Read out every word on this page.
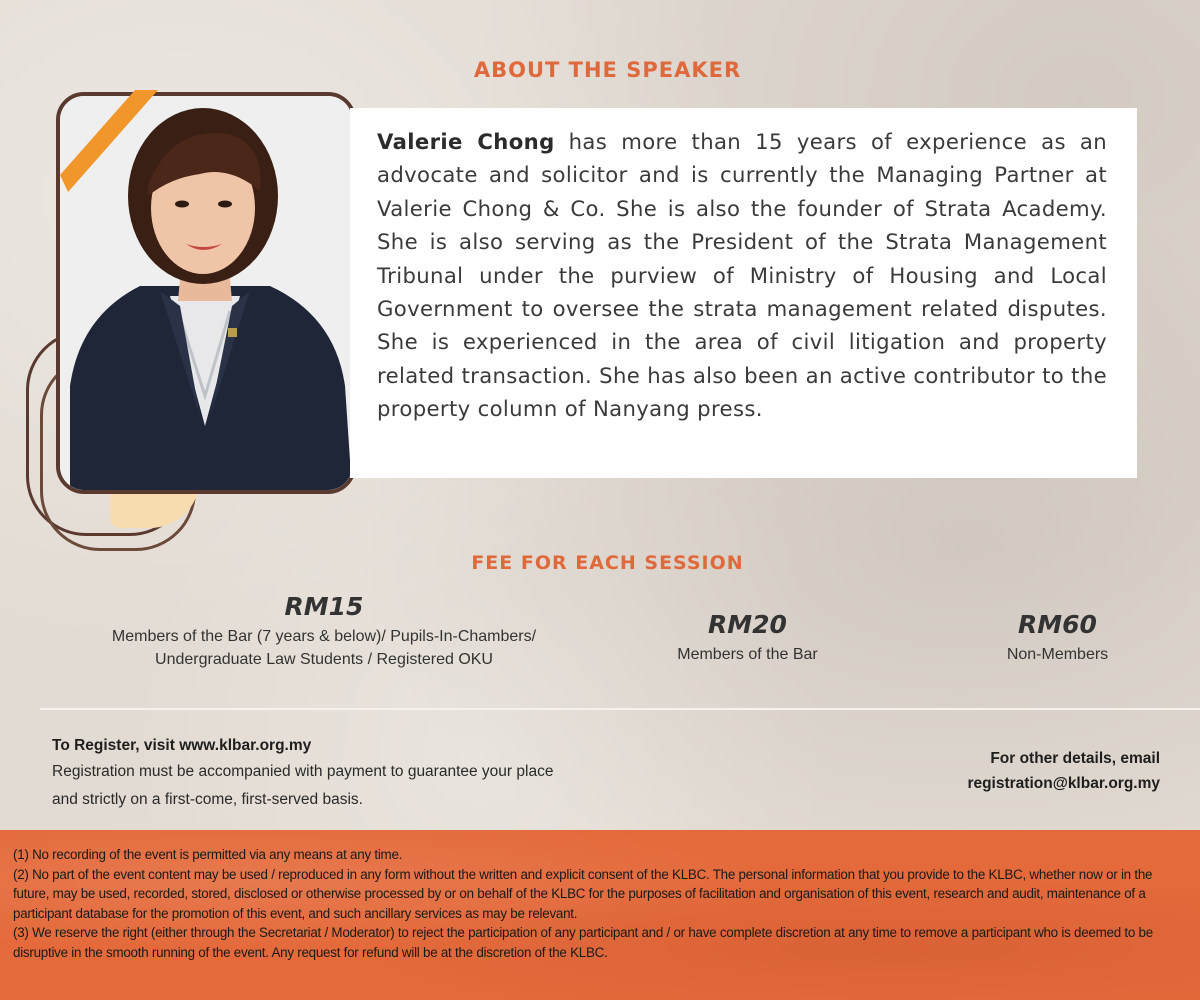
ABOUT THE SPEAKER
Valerie Chong has more than 15 years of experience as an advocate and solicitor and is currently the Managing Partner at Valerie Chong & Co. She is also the founder of Strata Academy. She is also serving as the President of the Strata Management Tribunal under the purview of Ministry of Housing and Local Government to oversee the strata management related disputes. She is experienced in the area of civil litigation and property related transaction. She has also been an active contributor to the property column of Nanyang press.
FEE FOR EACH SESSION
RM15
Members of the Bar (7 years & below)/ Pupils-In-Chambers/
Undergraduate Law Students / Registered OKU
RM20
Members of the Bar
RM60
Non-Members
To Register, visit www.klbar.org.my
Registration must be accompanied with payment to guarantee your place
and strictly on a first-come, first-served basis.
For other details, email
registration@klbar.org.my
(1) No recording of the event is permitted via any means at any time.
(2) No part of the event content may be used / reproduced in any form without the written and explicit consent of the KLBC. The personal information that you provide to the KLBC, whether now or in the future, may be used, recorded, stored, disclosed or otherwise processed by or on behalf of the KLBC for the purposes of facilitation and organisation of this event, research and audit, maintenance of a participant database for the promotion of this event, and such ancillary services as may be relevant.
(3) We reserve the right (either through the Secretariat / Moderator) to reject the participation of any participant and / or have complete discretion at any time to remove a participant who is deemed to be disruptive in the smooth running of the event. Any request for refund will be at the discretion of the KLBC.
